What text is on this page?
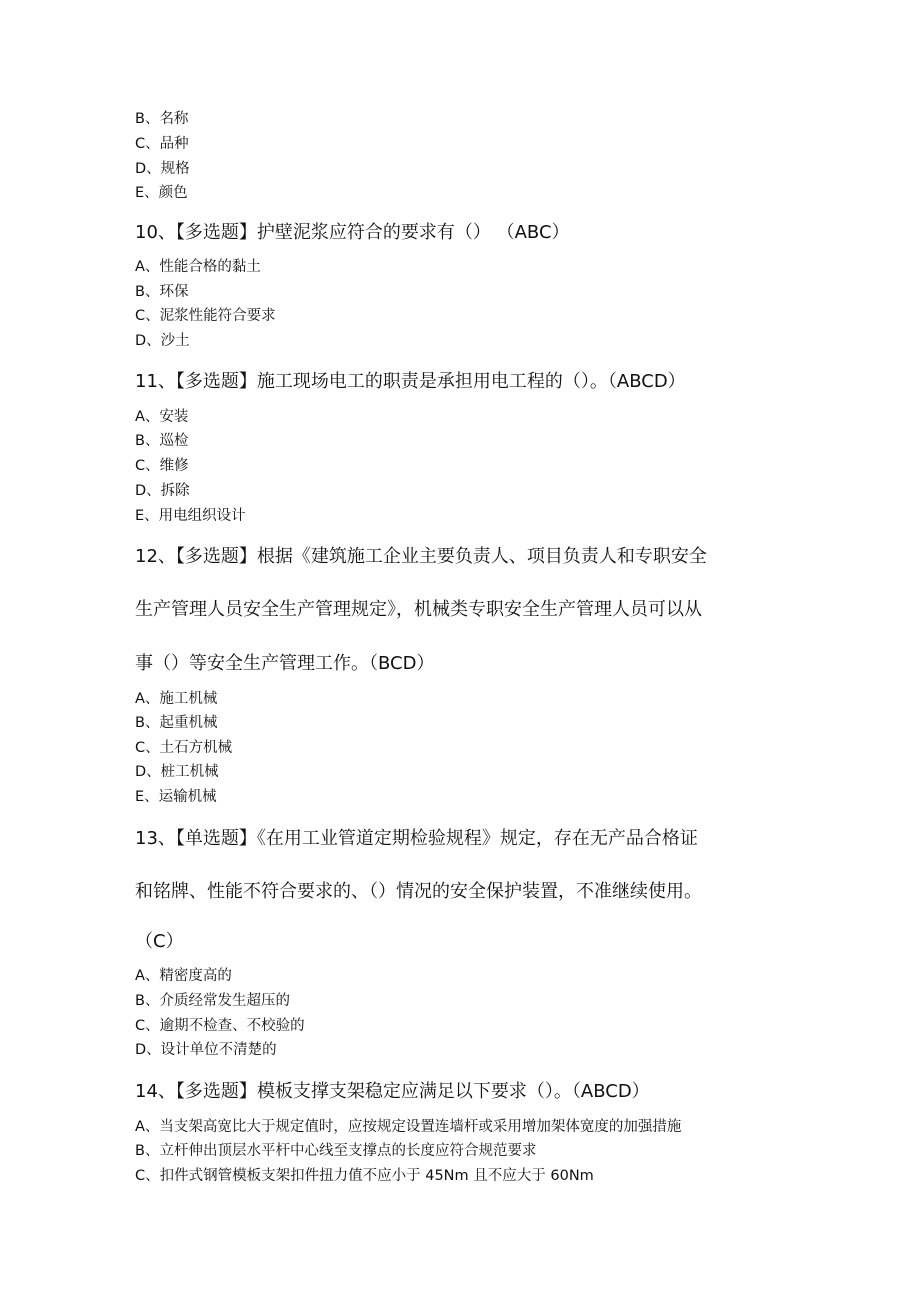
B、名称
C、品种
D、规格
E、颜色
10、【多选题】护壁泥浆应符合的要求有（） （ABC）
A、性能合格的黏土
B、环保
C、泥浆性能符合要求
D、沙土
11、【多选题】施工现场电工的职责是承担用电工程的（）。（ABCD）
A、安装
B、巡检
C、维修
D、拆除
E、用电组织设计
12、【多选题】根据《建筑施工企业主要负责人、项目负责人和专职安全
生产管理人员安全生产管理规定》，机械类专职安全生产管理人员可以从
事（）等安全生产管理工作。（BCD）
A、施工机械
B、起重机械
C、土石方机械
D、桩工机械
E、运输机械
13、【单选题】《在用工业管道定期检验规程》规定，存在无产品合格证
和铭牌、性能不符合要求的、（）情况的安全保护装置，不准继续使用。
（C）
A、精密度高的
B、介质经常发生超压的
C、逾期不检查、不校验的
D、设计单位不清楚的
14、【多选题】模板支撑支架稳定应满足以下要求（）。（ABCD）
A、当支架高宽比大于规定值时，应按规定设置连墙杆或采用增加架体宽度的加强措施
B、立杆伸出顶层水平杆中心线至支撑点的长度应符合规范要求
C、扣件式钢管模板支架扣件扭力值不应小于 45Nm 且不应大于 60Nm
